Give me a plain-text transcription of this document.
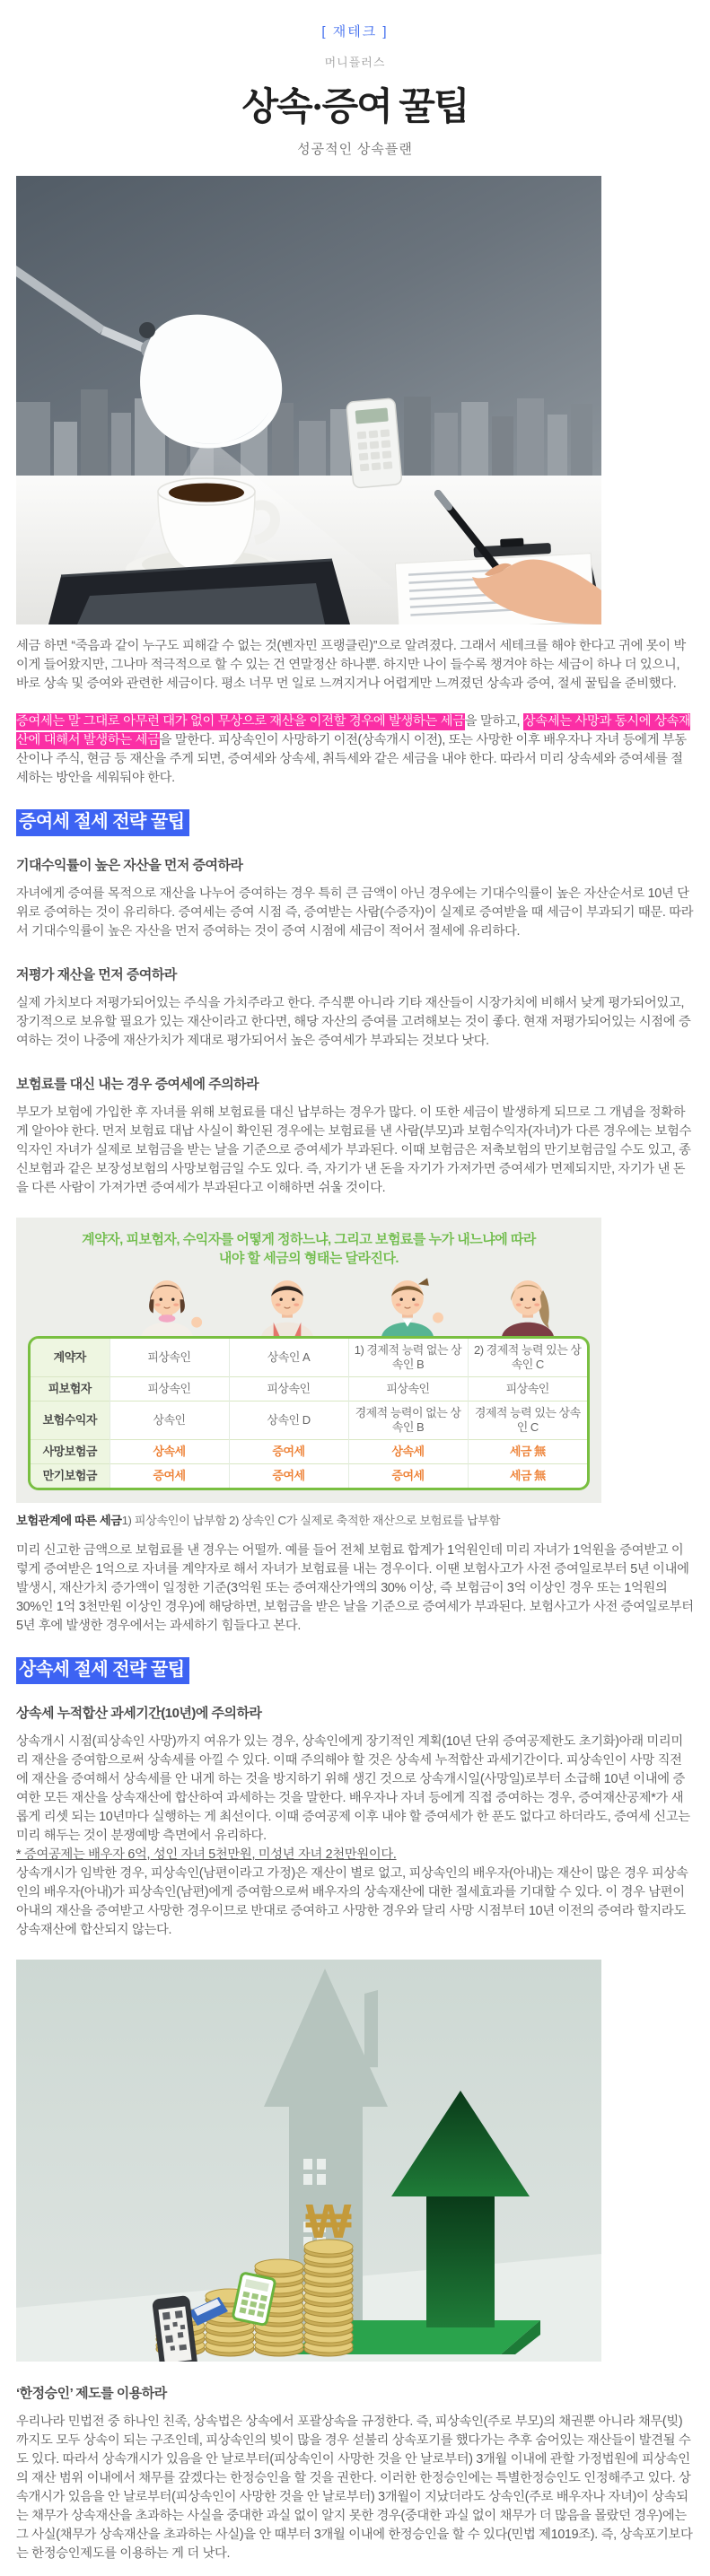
[ 재테크 ]
머니플러스
상속·증여 꿀팁
성공적인 상속플랜

세금 하면 “죽음과 같이 누구도 피해갈 수 없는 것(벤자민 프랭클린)”으로 알려졌다. 그래서 세테크를 해야 한다고 귀에 못이 박이게 들어왔지만, 그나마 적극적으로 할 수 있는 건 연말정산 하나뿐. 하지만 나이 들수록 챙겨야 하는 세금이 하나 더 있으니, 바로 상속 및 증여와 관련한 세금이다. 평소 너무 먼 일로 느껴지거나 어렵게만 느껴졌던 상속과 증여, 절세 꿀팁을 준비했다.

증여세는 말 그대로 아무런 대가 없이 무상으로 재산을 이전할 경우에 발생하는 세금을 말하고, 상속세는 사망과 동시에 상속재산에 대해서 발생하는 세금을 말한다. 피상속인이 사망하기 이전(상속개시 이전), 또는 사망한 이후 배우자나 자녀 등에게 부동산이나 주식, 현금 등 재산을 주게 되면, 증여세와 상속세, 취득세와 같은 세금을 내야 한다. 따라서 미리 상속세와 증여세를 절세하는 방안을 세워둬야 한다.

증여세 절세 전략 꿀팁
기대수익률이 높은 자산을 먼저 증여하라

자녀에게 증여를 목적으로 재산을 나누어 증여하는 경우 특히 큰 금액이 아닌 경우에는 기대수익률이 높은 자산순서로 10년 단위로 증여하는 것이 유리하다. 증여세는 증여 시점 즉, 증여받는 사람(수증자)이 실제로 증여받을 때 세금이 부과되기 때문. 따라서 기대수익률이 높은 자산을 먼저 증여하는 것이 증여 시점에 세금이 적어서 절세에 유리하다.

저평가 재산을 먼저 증여하라

실제 가치보다 저평가되어있는 주식을 가치주라고 한다. 주식뿐 아니라 기타 재산들이 시장가치에 비해서 낮게 평가되어있고, 장기적으로 보유할 필요가 있는 재산이라고 한다면, 해당 자산의 증여를 고려해보는 것이 좋다. 현재 저평가되어있는 시점에 증여하는 것이 나중에 재산가치가 제대로 평가되어서 높은 증여세가 부과되는 것보다 낫다.

보험료를 대신 내는 경우 증여세에 주의하라

부모가 보험에 가입한 후 자녀를 위해 보험료를 대신 납부하는 경우가 많다. 이 또한 세금이 발생하게 되므로 그 개념을 정확하게 알아야 한다. 먼저 보험료 대납 사실이 확인된 경우에는 보험료를 낸 사람(부모)과 보험수익자(자녀)가 다른 경우에는 보험수익자인 자녀가 실제로 보험금을 받는 날을 기준으로 증여세가 부과된다. 이때 보험금은 저축보험의 만기보험금일 수도 있고, 종신보험과 같은 보장성보험의 사망보험금일 수도 있다. 즉, 자기가 낸 돈을 자기가 가져가면 증여세가 면제되지만, 자기가 낸 돈을 다른 사람이 가져가면 증여세가 부과된다고 이해하면 쉬울 것이다.

계약자, 피보험자, 수익자를 어떻게 정하느냐, 그리고 보험료를 누가 내느냐에 따라
내야 할 세금의 형태는 달라진다.
계약자	피상속인	상속인 A	1) 경제적 능력 없는 상속인 B	2) 경제적 능력 있는 상속인 C
피보험자	피상속인	피상속인	피상속인	피상속인
보험수익자	상속인	상속인 D	경제적 능력이 없는 상속인 B	경제적 능력 있는 상속인 C
사망보험금	상속세	증여세	상속세	세금 無
만기보험금	증여세	증여세	증여세	세금 無

보험관계에 따른 세금1) 피상속인이 납부함 2) 상속인 C가 실제로 축적한 재산으로 보험료를 납부함

미리 신고한 금액으로 보험료를 낸 경우는 어떨까. 예를 들어 전체 보험료 합계가 1억원인데 미리 자녀가 1억원을 증여받고 이렇게 증여받은 1억으로 자녀를 계약자로 해서 자녀가 보험료를 내는 경우이다. 이땐 보험사고가 사전 증여일로부터 5년 이내에 발생시, 재산가치 증가액이 일정한 기준(3억원 또는 증여재산가액의 30% 이상, 즉 보험금이 3억 이상인 경우 또는 1억원의 30%인 1억 3천만원 이상인 경우)에 해당하면, 보험금을 받은 날을 기준으로 증여세가 부과된다. 보험사고가 사전 증여일로부터 5년 후에 발생한 경우에서는 과세하기 힘들다고 본다.

상속세 절세 전략 꿀팁
상속세 누적합산 과세기간(10년)에 주의하라

상속개시 시점(피상속인 사망)까지 여유가 있는 경우, 상속인에게 장기적인 계획(10년 단위 증여공제한도 초기화)아래 미리미리 재산을 증여함으로써 상속세를 아낄 수 있다. 이때 주의해야 할 것은 상속세 누적합산 과세기간이다. 피상속인이 사망 직전에 재산을 증여해서 상속세를 안 내게 하는 것을 방지하기 위해 생긴 것으로 상속개시일(사망일)로부터 소급해 10년 이내에 증여한 모든 재산을 상속재산에 합산하여 과세하는 것을 말한다. 배우자나 자녀 등에게 직접 증여하는 경우, 증여재산공제*가 새롭게 리셋 되는 10년마다 실행하는 게 최선이다. 이때 증여공제 이후 내야 할 증여세가 한 푼도 없다고 하더라도, 증여세 신고는 미리 해두는 것이 분쟁예방 측면에서 유리하다.

* 증여공제는 배우자 6억, 성인 자녀 5천만원, 미성년 자녀 2천만원이다.

상속개시가 임박한 경우, 피상속인(남편이라고 가정)은 재산이 별로 없고, 피상속인의 배우자(아내)는 재산이 많은 경우 피상속인의 배우자(아내)가 피상속인(남편)에게 증여함으로써 배우자의 상속재산에 대한 절세효과를 기대할 수 있다. 이 경우 남편이 아내의 재산을 증여받고 사망한 경우이므로 반대로 증여하고 사망한 경우와 달리 사망 시점부터 10년 이전의 증여라 할지라도 상속재산에 합산되지 않는다.

₩
‘한정승인’ 제도를 이용하라

우리나라 민법전 중 하나인 친족, 상속법은 상속에서 포괄상속을 규정한다. 즉, 피상속인(주로 부모)의 채권뿐 아니라 채무(빚)까지도 모두 상속이 되는 구조인데, 피상속인의 빚이 많을 경우 섣불리 상속포기를 했다가는 추후 숨어있는 재산들이 발견될 수도 있다. 따라서 상속개시가 있음을 안 날로부터(피상속인이 사망한 것을 안 날로부터) 3개월 이내에 관할 가정법원에 피상속인의 재산 범위 이내에서 채무를 갚겠다는 한정승인을 할 것을 권한다. 이러한 한정승인에는 특별한정승인도 인정해주고 있다. 상속개시가 있음을 안 날로부터(피상속인이 사망한 것을 안 날로부터) 3개월이 지났더라도 상속인(주로 배우자나 자녀)이 상속되는 채무가 상속재산을 초과하는 사실을 중대한 과실 없이 알지 못한 경우(중대한 과실 없이 채무가 더 많음을 몰랐던 경우)에는 그 사실(채무가 상속재산을 초과하는 사실)을 안 때부터 3개월 이내에 한정승인을 할 수 있다(민법 제1019조). 즉, 상속포기보다는 한정승인제도를 이용하는 게 더 낫다.
